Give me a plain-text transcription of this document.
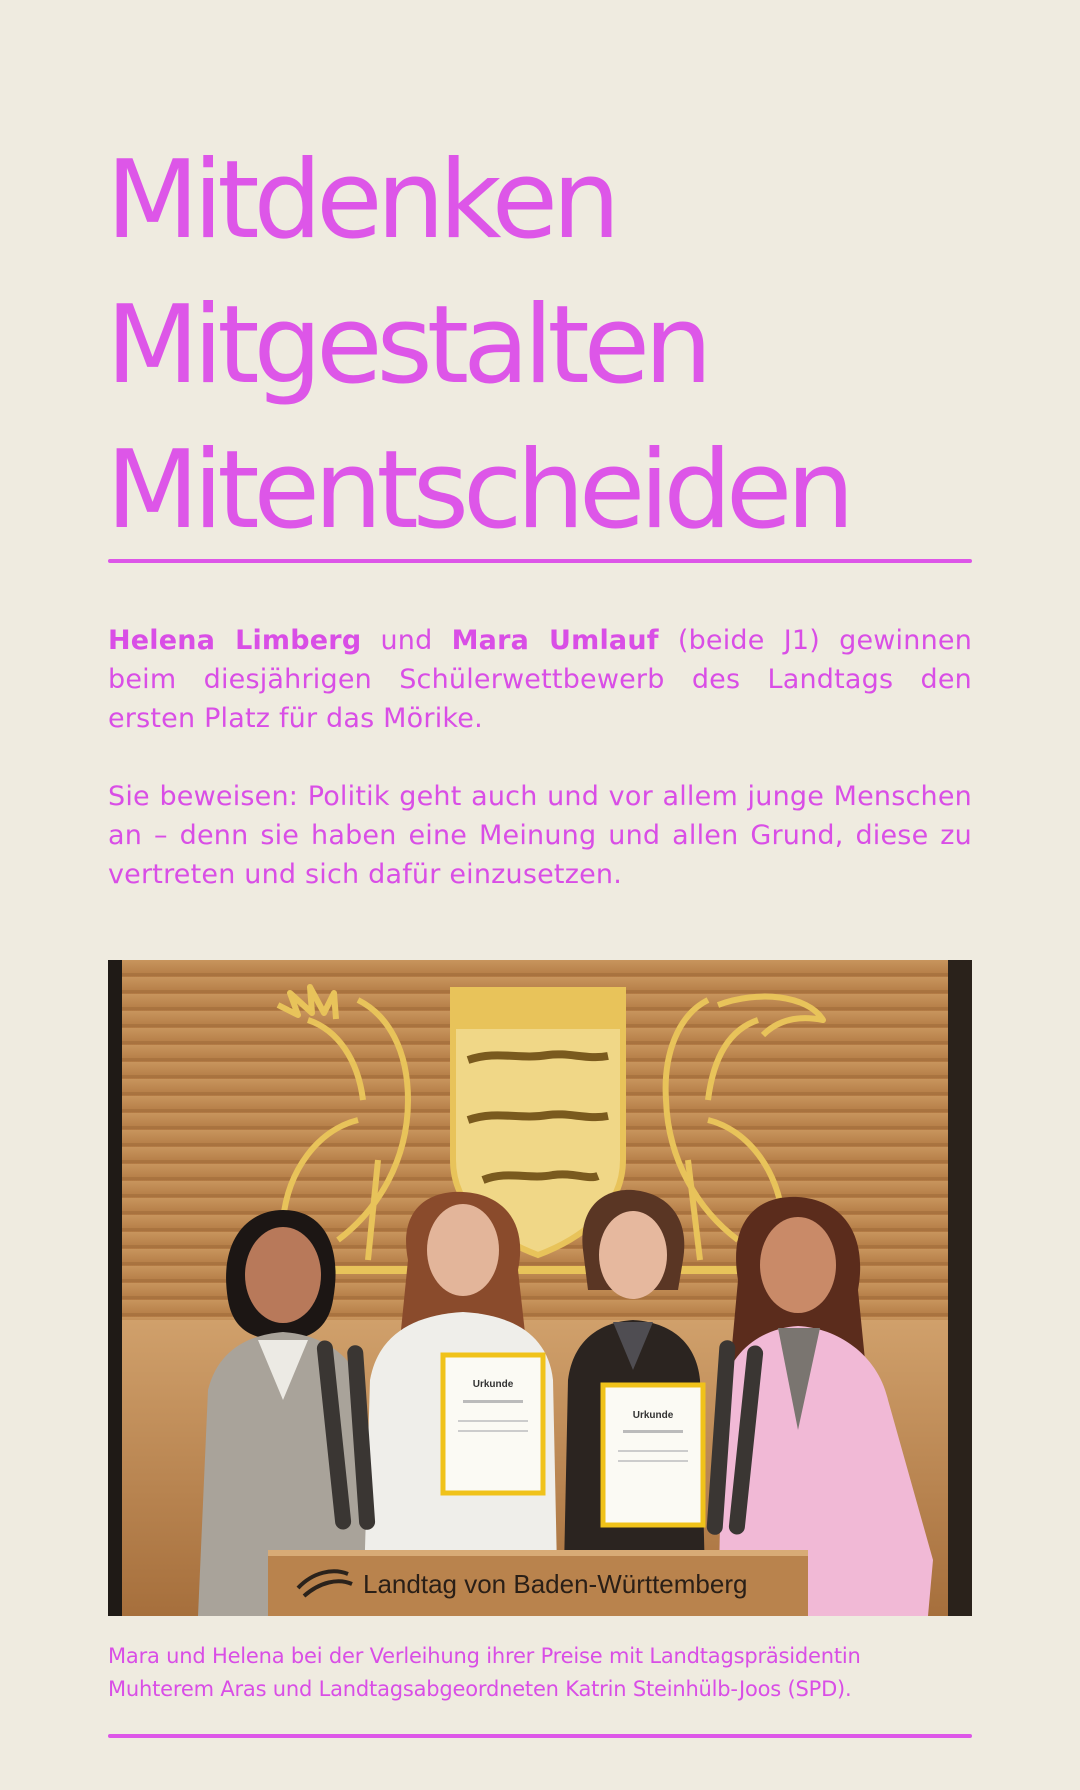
Mitdenken
Mitgestalten
Mitentscheiden

Helena Limberg und Mara Umlauf (beide J1) gewinnen beim diesjährigen Schülerwettbewerb des Landtags den ersten Platz für das Mörike.

Sie beweisen: Politik geht auch und vor allem junge Menschen an – denn sie haben eine Meinung und allen Grund, diese zu vertreten und sich dafür einzusetzen.

Urkunde
Urkunde
Landtag von Baden-Württemberg

Mara und Helena bei der Verleihung ihrer Preise mit Landtagspräsidentin
Muhterem Aras und Landtagsabgeordneten Katrin Steinhülb-Joos (SPD).
